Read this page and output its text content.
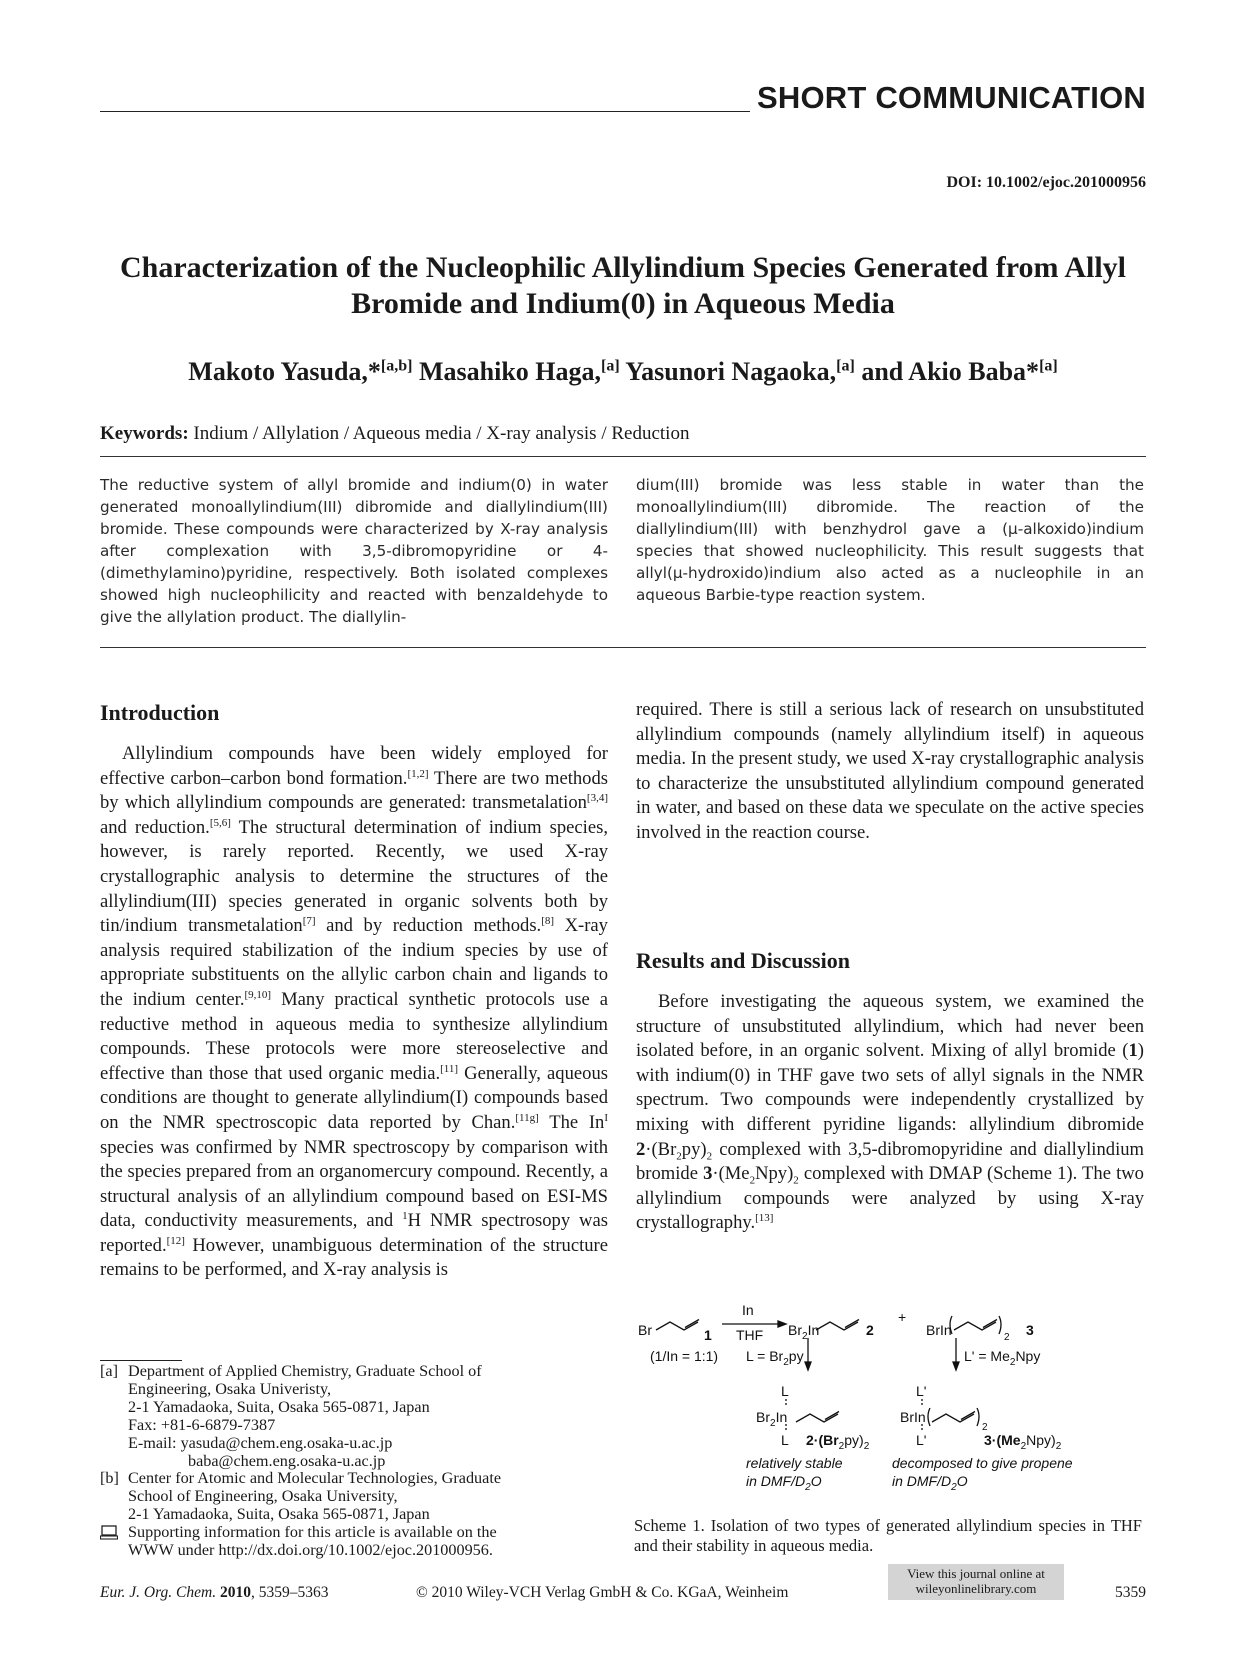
SHORT COMMUNICATION
DOI: 10.1002/ejoc.201000956
Characterization of the Nucleophilic Allylindium Species Generated from Allyl Bromide and Indium(0) in Aqueous Media
Makoto Yasuda,*[a,b] Masahiko Haga,[a] Yasunori Nagaoka,[a] and Akio Baba*[a]
Keywords: Indium / Allylation / Aqueous media / X-ray analysis / Reduction
The reductive system of allyl bromide and indium(0) in water generated monoallylindium(III) dibromide and diallylindium(III) bromide. These compounds were characterized by X-ray analysis after complexation with 3,5-dibromopyridine or 4-(dimethylamino)pyridine, respectively. Both isolated complexes showed high nucleophilicity and reacted with benzaldehyde to give the allylation product. The diallylin-
dium(III) bromide was less stable in water than the monoallylindium(III) dibromide. The reaction of the diallylindium(III) with benzhydrol gave a (μ-alkoxido)indium species that showed nucleophilicity. This result suggests that allyl(μ-hydroxido)indium also acted as a nucleophile in an aqueous Barbie-type reaction system.
Introduction

Allylindium compounds have been widely employed for effective carbon–carbon bond formation.[1,2] There are two methods by which allylindium compounds are generated: transmetalation[3,4] and reduction.[5,6] The structural determination of indium species, however, is rarely reported. Recently, we used X-ray crystallographic analysis to determine the structures of the allylindium(III) species generated in organic solvents both by tin/indium transmetalation[7] and by reduction methods.[8] X-ray analysis required stabilization of the indium species by use of appropriate substituents on the allylic carbon chain and ligands to the indium center.[9,10] Many practical synthetic protocols use a reductive method in aqueous media to synthesize allylindium compounds. These protocols were more stereoselective and effective than those that used organic media.[11] Generally, aqueous conditions are thought to generate allylindium(I) compounds based on the NMR spectroscopic data reported by Chan.[11g] The $In^I$ species was confirmed by NMR spectroscopy by comparison with the species prepared from an organomercury compound. Recently, a structural analysis of an allylindium compound based on ESI-MS data, conductivity measurements, and $^1$H NMR spectrosopy was reported.[12] However, unambiguous determination of the structure remains to be performed, and X-ray analysis is

required. There is still a serious lack of research on unsubstituted allylindium compounds (namely allylindium itself) in aqueous media. In the present study, we used X-ray crystallographic analysis to characterize the unsubstituted allylindium compound generated in water, and based on these data we speculate on the active species involved in the reaction course.

Results and Discussion

Before investigating the aqueous system, we examined the structure of unsubstituted allylindium, which had never been isolated before, in an organic solvent. Mixing of allyl bromide (1) with indium(0) in THF gave two sets of allyl signals in the NMR spectrum. Two compounds were independently crystallized by mixing with different pyridine ligands: allylindium dibromide $2\cdot(Br_2py)_2$ complexed with 3,5-dibromopyridine and diallylindium bromide $3\cdot(Me_2Npy)_2$ complexed with DMAP (Scheme 1). The two allylindium compounds were analyzed by using X-ray crystallography.[13]

Br	1
In
THF
(1/In = 1:1)
$Br_2In$	2
+
BrIn	2 3
$L = Br_2py$	$L' = Me_2Npy$
L
$Br_2In$
L $2\cdot(Br_2py)_2$
L'
BrIn
2
L'	$3\cdot(Me_2Npy)_2$
relatively stable
in DMF/$D_2O$
decomposed to give propene
in DMF/$D_2O$
Scheme 1. Isolation of two types of generated allylindium species in THF and their stability in aqueous media.
[a] Department of Applied Chemistry, Graduate School of
Engineering, Osaka Univeristy,
2-1 Yamadaoka, Suita, Osaka 565-0871, Japan
Fax: +81-6-6879-7387
E-mail: yasuda@chem.eng.osaka-u.ac.jp
baba@chem.eng.osaka-u.ac.jp
[b] Center for Atomic and Molecular Technologies, Graduate
School of Engineering, Osaka University,
2-1 Yamadaoka, Suita, Osaka 565-0871, Japan
Supporting information for this article is available on the
WWW under http://dx.doi.org/10.1002/ejoc.201000956.
Eur. J. Org. Chem. 2010, 5359–5363	© 2010 Wiley-VCH Verlag GmbH & Co. KGaA, Weinheim
View this journal online at
wileyonlinelibrary.com	5359
